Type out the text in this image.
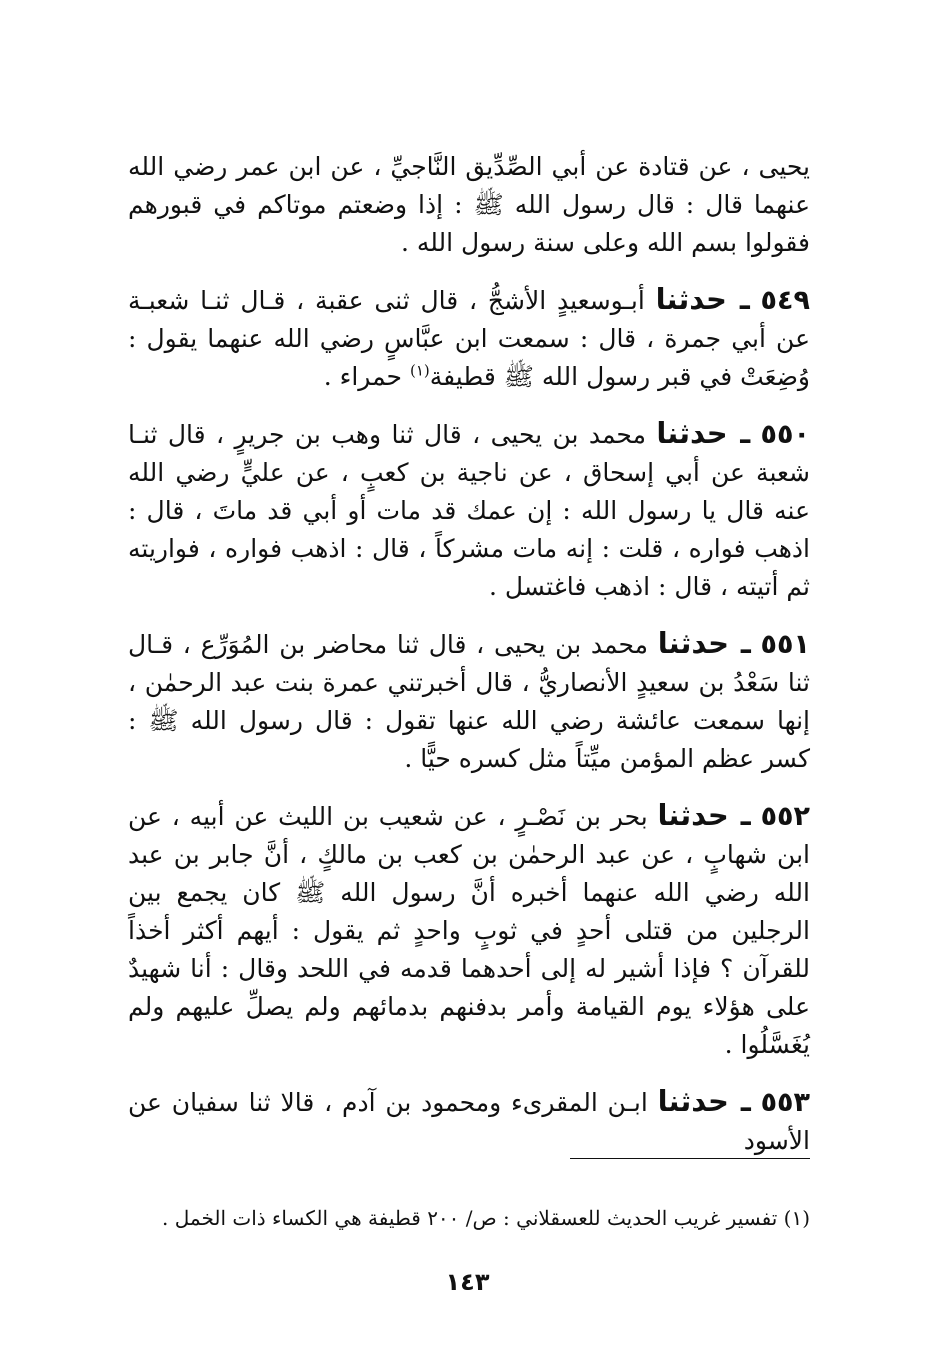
يحيى ، عن قتادة عن أبي الصِّدِّيق النَّاجيِّ ، عن ابن عمر رضي الله عنهما قال : قال رسول الله ﷺ : إذا وضعتم موتاكم في قبورهم فقولوا بسم الله وعلى سنة رسول الله .

٥٤٩ ـ حدثنا أبـوسعيدٍ الأشجُّ ، قال ثنى عقبة ، قـال ثنـا شعبـة عن أبي جمرة ، قال : سمعت ابن عبَّاسٍ رضي الله عنهما يقول : وُضِعَتْ في قبر رسول الله ﷺ قطيفة$^{(١)}$ حمراء .

٥٥٠ ـ حدثنا محمد بن يحيى ، قال ثنا وهب بن جريرٍ ، قال ثنـا شعبة عن أبي إسحاق ، عن ناجية بن كعبٍ ، عن عليٍّ رضي الله عنه قال يا رسول الله : إن عمك قد مات أو أبي قد ماتَ ، قال : اذهب فواره ، قلت : إنه مات مشركاً ، قال : اذهب فواره ، فواريته ثم أتيته ، قال : اذهب فاغتسل .

٥٥١ ـ حدثنا محمد بن يحيى ، قال ثنا محاضر بن المُوَرِّع ، قـال ثنا سَعْدُ بن سعيدٍ الأنصاريُّ ، قال أخبرتني عمرة بنت عبد الرحمٰن ، إنها سمعت عائشة رضي الله عنها تقول : قال رسول الله ﷺ : كسر عظم المؤمن ميِّتاً مثل كسره حيًّا .

٥٥٢ ـ حدثنا بحر بن نَصْـرٍ ، عن شعيب بن الليث عن أبيه ، عن ابن شهابٍ ، عن عبد الرحمٰن بن كعب بن مالكٍ ، أنَّ جابر بن عبد الله رضي الله عنهما أخبره أنَّ رسول الله ﷺ كان يجمع بين الرجلين من قتلى أحدٍ في ثوبٍ واحدٍ ثم يقول : أيهم أكثر أخذاً للقرآن ؟ فإذا أشير له إلى أحدهما قدمه في اللحد وقال : أنا شهيدٌ على هؤلاء يوم القيامة وأمر بدفنهم بدمائهم ولم يصلِّ عليهم ولم يُغَسَّلُوا .

٥٥٣ ـ حدثنا ابـن المقرىء ومحمود بن آدم ، قالا ثنا سفيان عن الأسود

(١) تفسير غريب الحديث للعسقلاني : ص/ ٢٠٠ قطيفة هي الكساء ذات الخمل .
١٤٣
